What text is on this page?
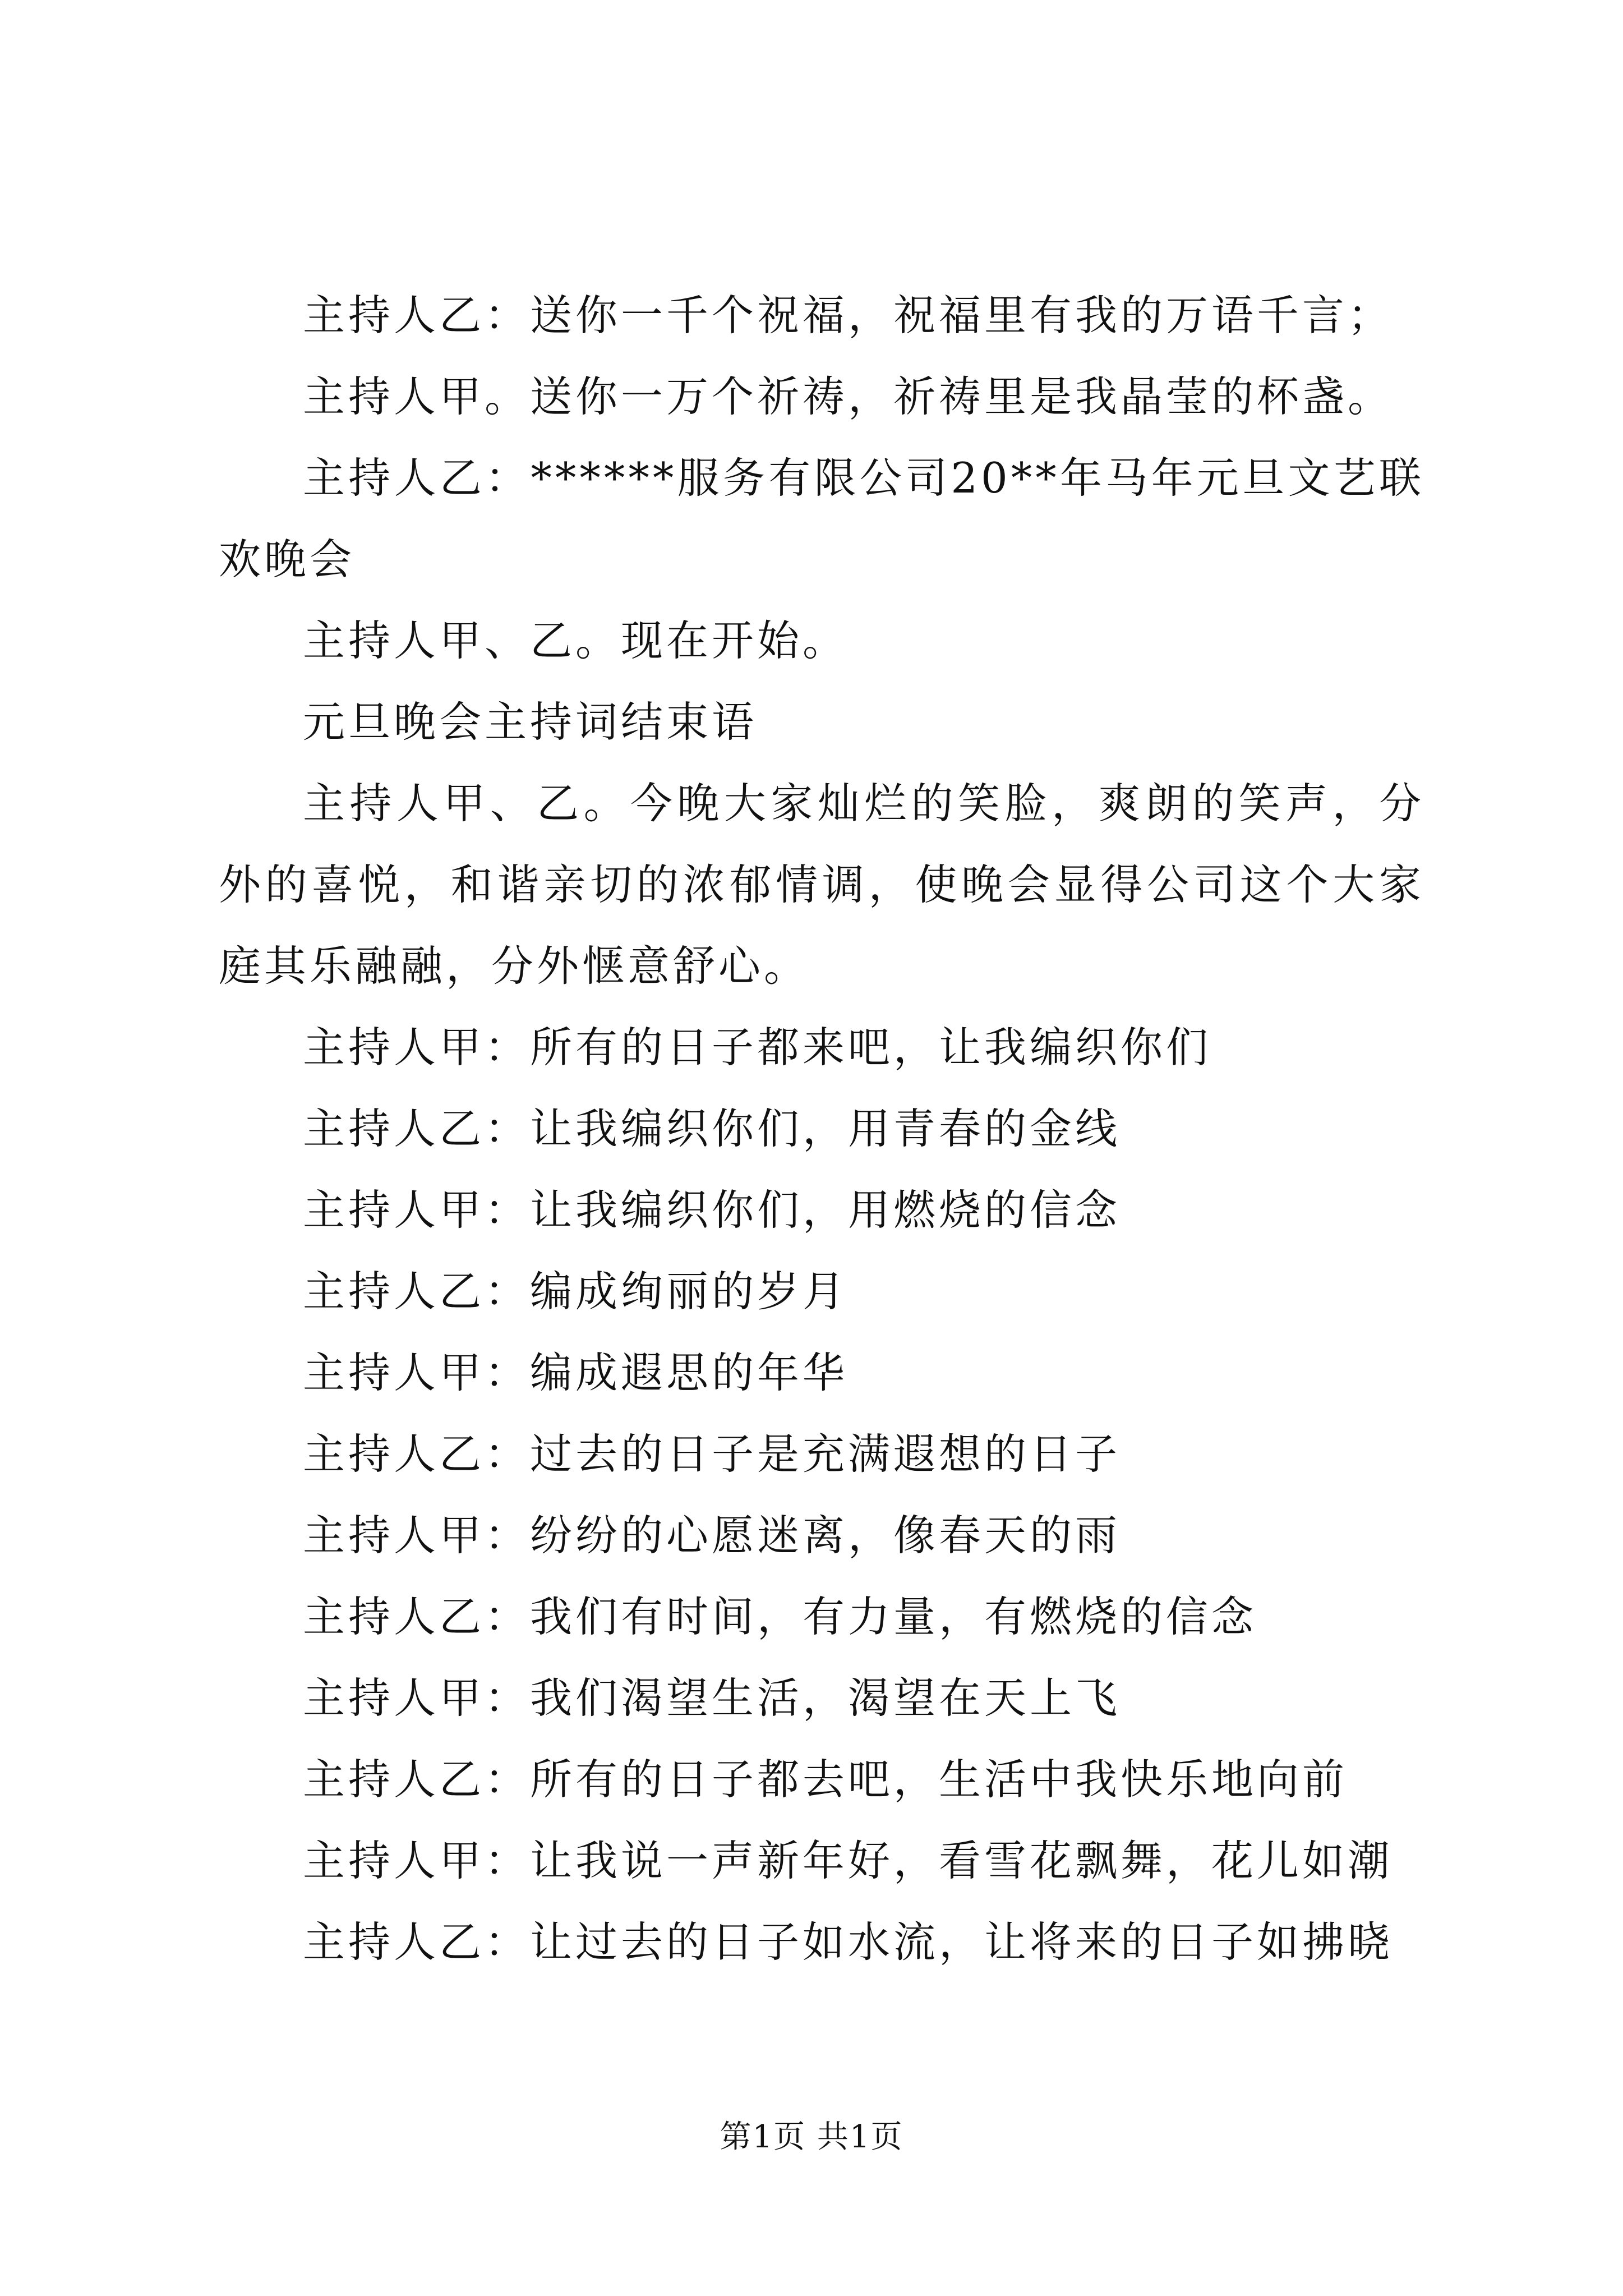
主持人乙：送你一千个祝福，祝福里有我的万语千言；

主持人甲。送你一万个祈祷，祈祷里是我晶莹的杯盏。

主持人乙：******服务有限公司20**年马年元旦文艺联欢晚会

主持人甲、乙。现在开始。

元旦晚会主持词结束语

主持人甲、乙。今晚大家灿烂的笑脸，爽朗的笑声，分外的喜悦，和谐亲切的浓郁情调，使晚会显得公司这个大家庭其乐融融，分外惬意舒心。

主持人甲：所有的日子都来吧，让我编织你们

主持人乙：让我编织你们，用青春的金线

主持人甲：让我编织你们，用燃烧的信念

主持人乙：编成绚丽的岁月

主持人甲：编成遐思的年华

主持人乙：过去的日子是充满遐想的日子

主持人甲：纷纷的心愿迷离，像春天的雨

主持人乙：我们有时间，有力量，有燃烧的信念

主持人甲：我们渴望生活，渴望在天上飞

主持人乙：所有的日子都去吧，生活中我快乐地向前

主持人甲：让我说一声新年好，看雪花飘舞，花儿如潮

主持人乙：让过去的日子如水流，让将来的日子如拂晓

第1页 共1页
